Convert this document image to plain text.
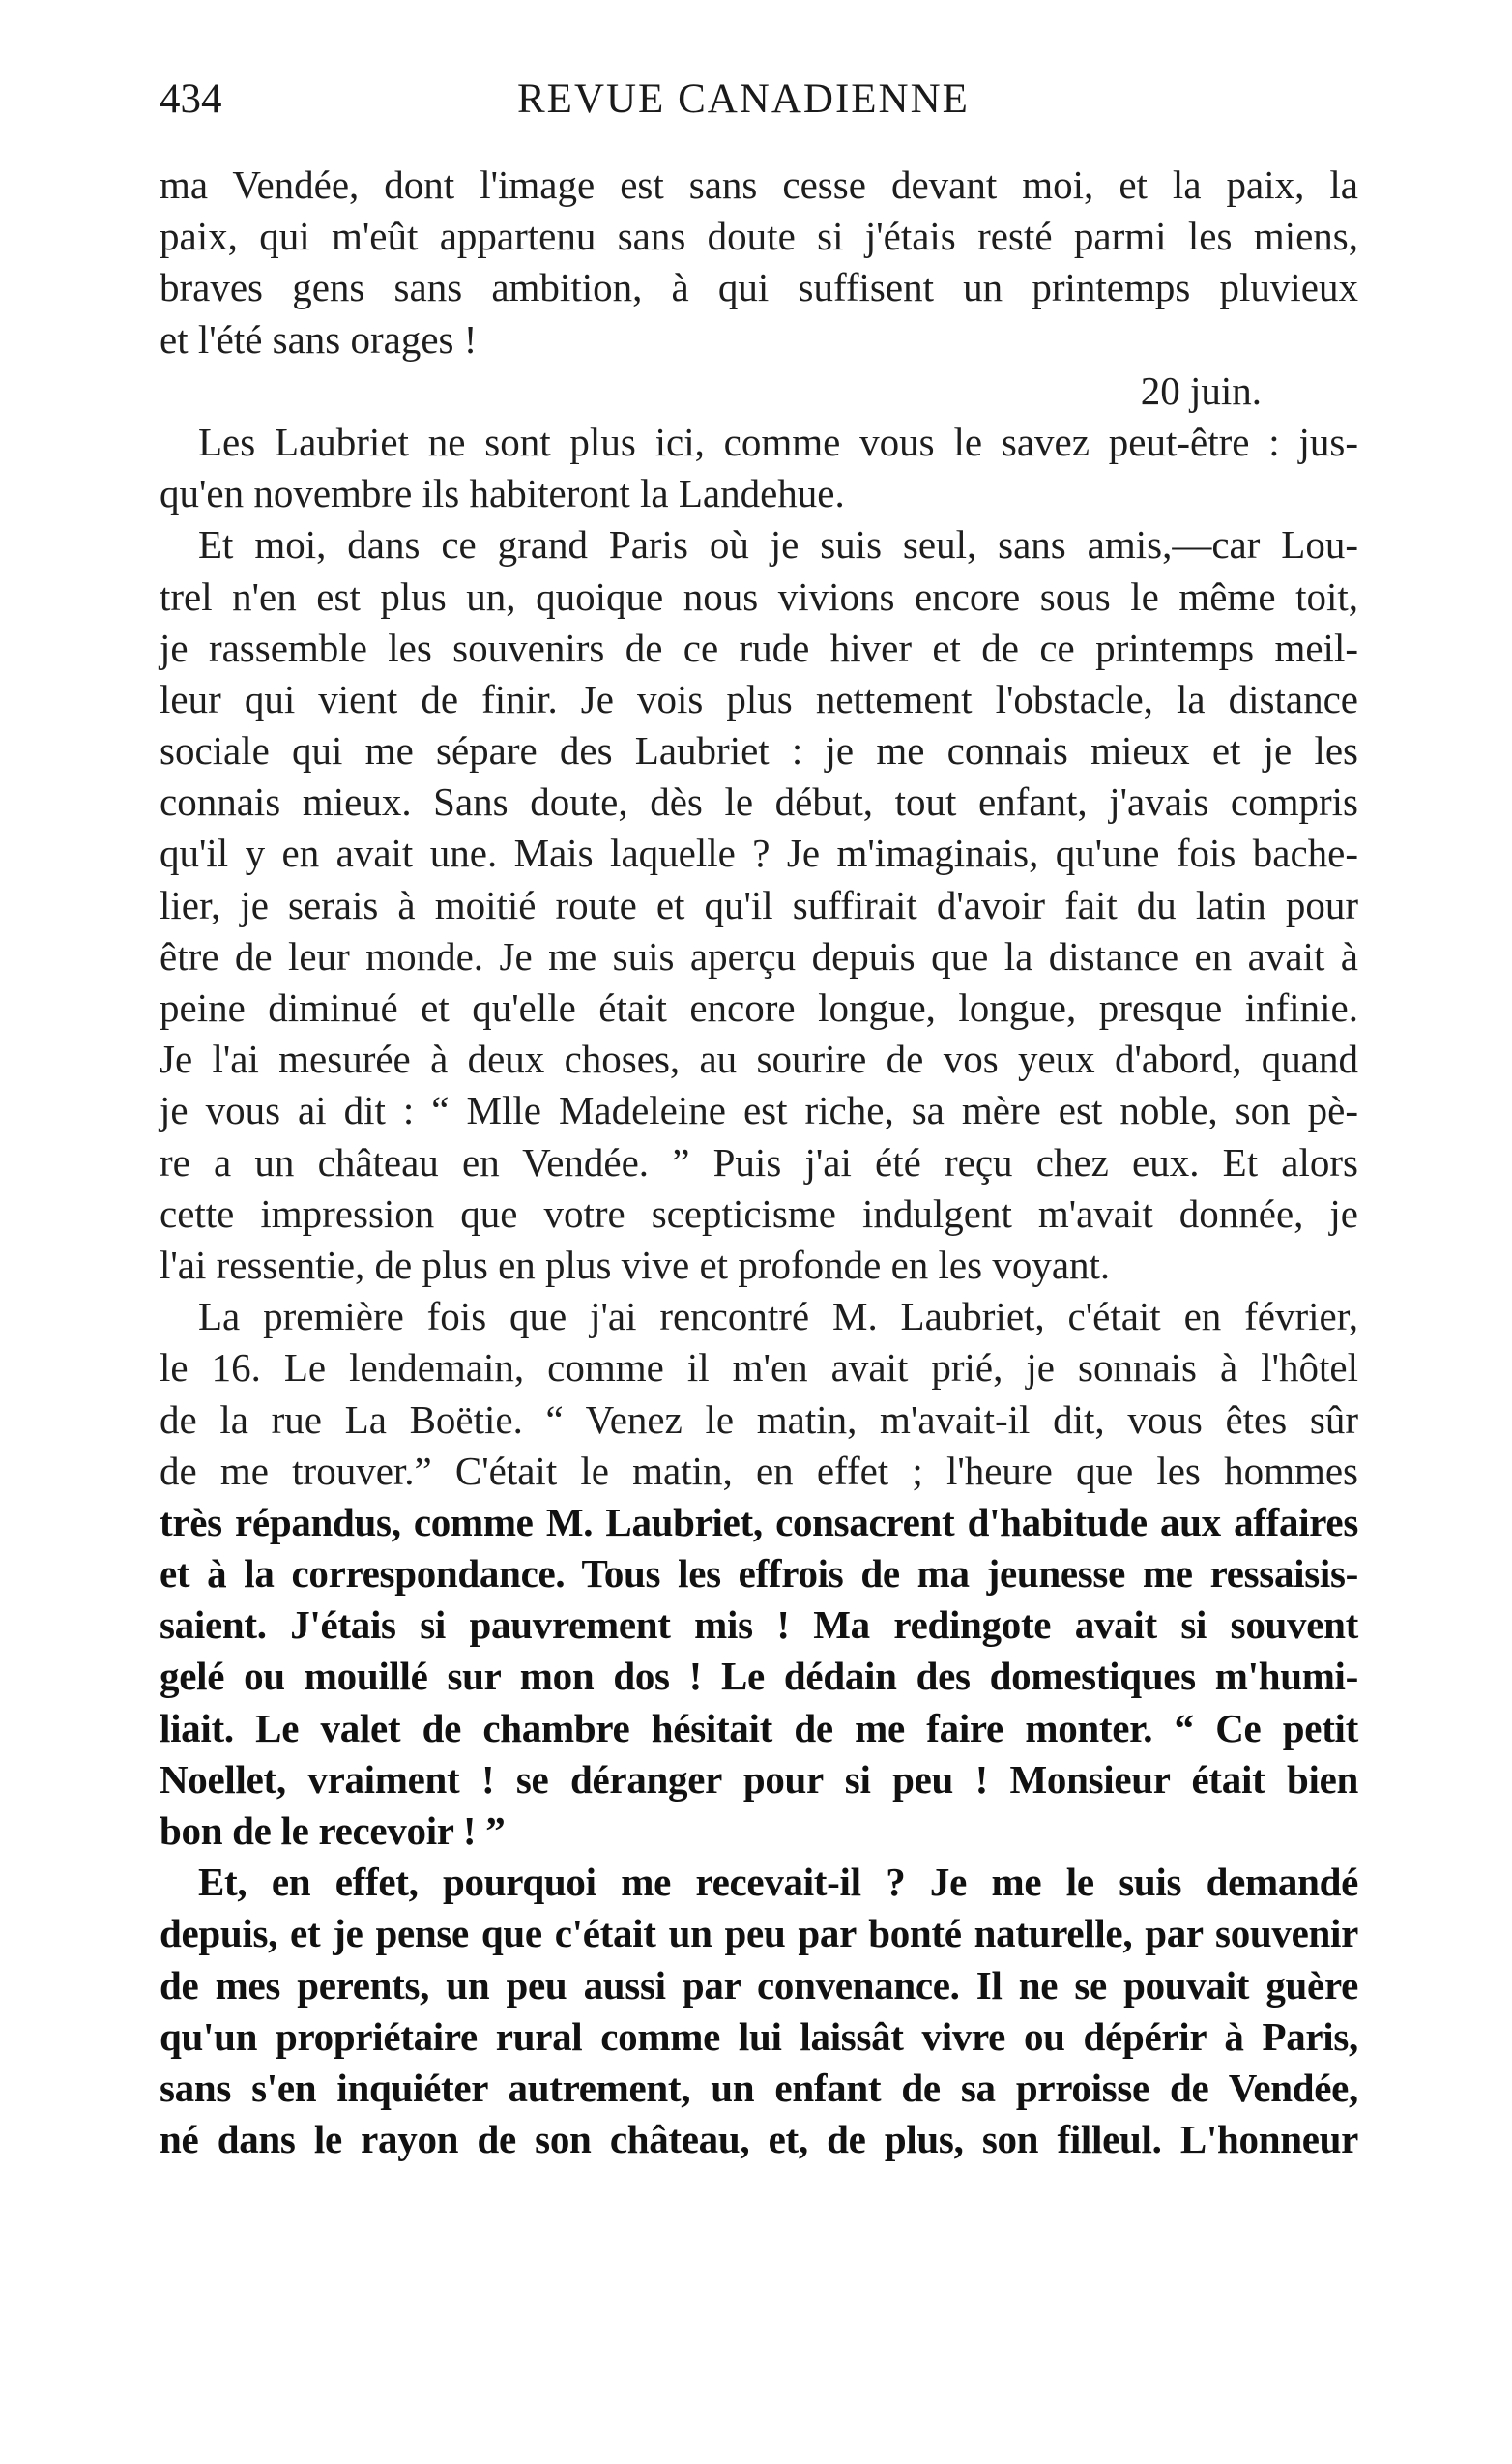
434	REVUE CANADIENNE
ma Vendée, dont l'image est sans cesse devant moi, et la paix, la
paix, qui m'eût appartenu sans doute si j'étais resté parmi les miens,
braves gens sans ambition, à qui suffisent un printemps pluvieux
et l'été sans orages !
20 juin.
Les Laubriet ne sont plus ici, comme vous le savez peut-être : jus-
qu'en novembre ils habiteront la Landehue.
Et moi, dans ce grand Paris où je suis seul, sans amis,—car Lou-
trel n'en est plus un, quoique nous vivions encore sous le même toit,
je rassemble les souvenirs de ce rude hiver et de ce printemps meil-
leur qui vient de finir. Je vois plus nettement l'obstacle, la distance
sociale qui me sépare des Laubriet : je me connais mieux et je les
connais mieux. Sans doute, dès le début, tout enfant, j'avais compris
qu'il y en avait une. Mais laquelle ? Je m'imaginais, qu'une fois bache-
lier, je serais à moitié route et qu'il suffirait d'avoir fait du latin pour
être de leur monde. Je me suis aperçu depuis que la distance en avait à
peine diminué et qu'elle était encore longue, longue, presque infinie.
Je l'ai mesurée à deux choses, au sourire de vos yeux d'abord, quand
je vous ai dit : “ Mlle Madeleine est riche, sa mère est noble, son pè-
re a un château en Vendée. ” Puis j'ai été reçu chez eux. Et alors
cette impression que votre scepticisme indulgent m'avait donnée, je
l'ai ressentie, de plus en plus vive et profonde en les voyant.
La première fois que j'ai rencontré M. Laubriet, c'était en février,
le 16. Le lendemain, comme il m'en avait prié, je sonnais à l'hôtel
de la rue La Boëtie. “ Venez le matin, m'avait-il dit, vous êtes sûr
de me trouver.” C'était le matin, en effet ; l'heure que les hommes
très répandus, comme M. Laubriet, consacrent d'habitude aux affaires
et à la correspondance. Tous les effrois de ma jeunesse me ressaisis-
saient. J'étais si pauvrement mis ! Ma redingote avait si souvent
gelé ou mouillé sur mon dos ! Le dédain des domestiques m'humi-
liait. Le valet de chambre hésitait de me faire monter. “ Ce petit
Noellet, vraiment ! se déranger pour si peu ! Monsieur était bien
bon de le recevoir ! ”
Et, en effet, pourquoi me recevait-il ? Je me le suis demandé
depuis, et je pense que c'était un peu par bonté naturelle, par souvenir
de mes perents, un peu aussi par convenance. Il ne se pouvait guère
qu'un propriétaire rural comme lui laissât vivre ou dépérir à Paris,
sans s'en inquiéter autrement, un enfant de sa prroisse de Vendée,
né dans le rayon de son château, et, de plus, son filleul. L'honneur
